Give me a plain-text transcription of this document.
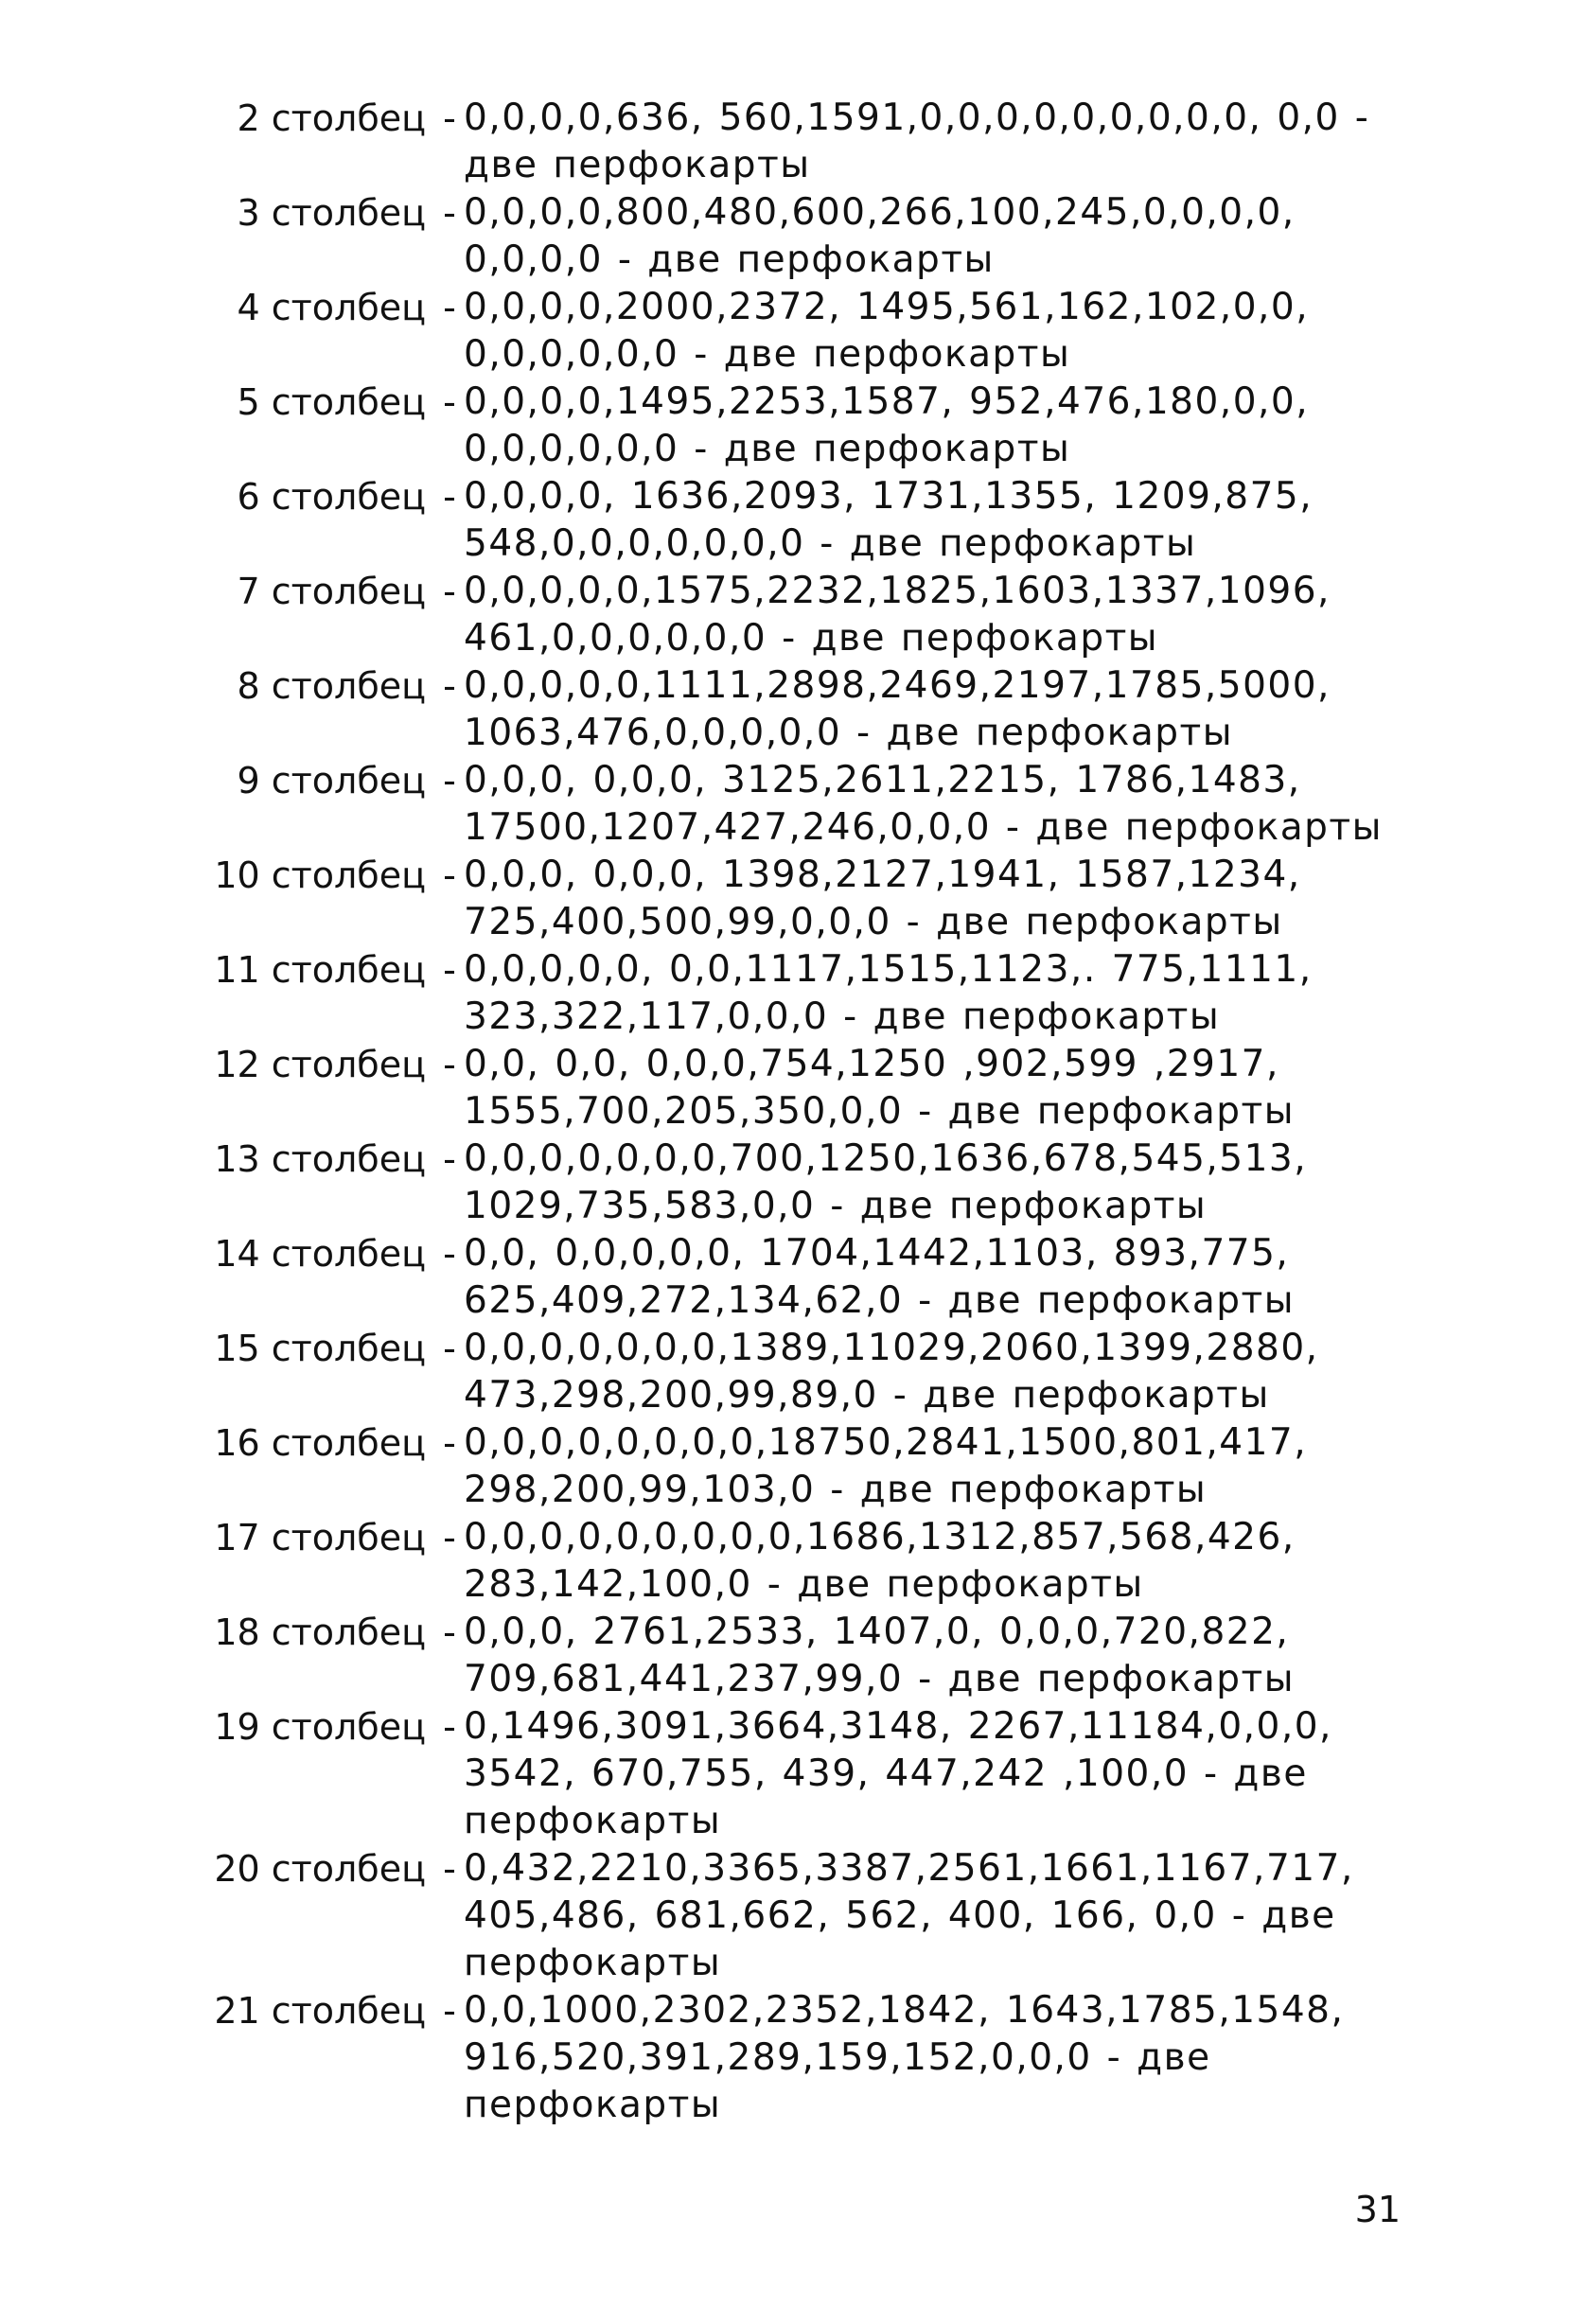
2 столбец - 0,0,0,0,636, 560,1591,0,0,0,0,0,0,0,0,0, 0,0 - две перфокарты
3 столбец - 0,0,0,0,800,480,600,266,100,245,0,0,0,0, 0,0,0,0 - две перфокарты
4 столбец - 0,0,0,0,2000,2372, 1495,561,162,102,0,0, 0,0,0,0,0,0 - две перфокарты
5 столбец - 0,0,0,0,1495,2253,1587, 952,476,180,0,0, 0,0,0,0,0,0 - две перфокарты
6 столбец - 0,0,0,0, 1636,2093, 1731,1355, 1209,875, 548,0,0,0,0,0,0,0 - две перфокарты
7 столбец - 0,0,0,0,0,1575,2232,1825,1603,1337,1096, 461,0,0,0,0,0,0 - две перфокарты
8 столбец - 0,0,0,0,0,1111,2898,2469,2197,1785,5000, 1063,476,0,0,0,0,0 - две перфокарты
9 столбец - 0,0,0, 0,0,0, 3125,2611,2215, 1786,1483, 17500,1207,427,246,0,0,0 - две перфокарты
10 столбец - 0,0,0, 0,0,0, 1398,2127,1941, 1587,1234, 725,400,500,99,0,0,0 - две перфокарты
11 столбец - 0,0,0,0,0, 0,0,1117,1515,1123,. 775,1111, 323,322,117,0,0,0 - две перфокарты
12 столбец - 0,0, 0,0, 0,0,0,754,1250 ,902,599 ,2917, 1555,700,205,350,0,0 - две перфокарты
13 столбец - 0,0,0,0,0,0,0,700,1250,1636,678,545,513, 1029,735,583,0,0 - две перфокарты
14 столбец - 0,0, 0,0,0,0,0, 1704,1442,1103, 893,775, 625,409,272,134,62,0 - две перфокарты
15 столбец - 0,0,0,0,0,0,0,1389,11029,2060,1399,2880, 473,298,200,99,89,0 - две перфокарты
16 столбец - 0,0,0,0,0,0,0,0,18750,2841,1500,801,417, 298,200,99,103,0 - две перфокарты
17 столбец - 0,0,0,0,0,0,0,0,0,1686,1312,857,568,426, 283,142,100,0 - две перфокарты
18 столбец - 0,0,0, 2761,2533, 1407,0, 0,0,0,720,822, 709,681,441,237,99,0 - две перфокарты
19 столбец - 0,1496,3091,3664,3148, 2267,11184,0,0,0, 3542, 670,755, 439, 447,242 ,100,0 - две перфокарты
20 столбец - 0,432,2210,3365,3387,2561,1661,1167,717, 405,486, 681,662, 562, 400, 166, 0,0 - две перфокарты
21 столбец - 0,0,1000,2302,2352,1842, 1643,1785,1548, 916,520,391,289,159,152,0,0,0 - две перфокарты
31
